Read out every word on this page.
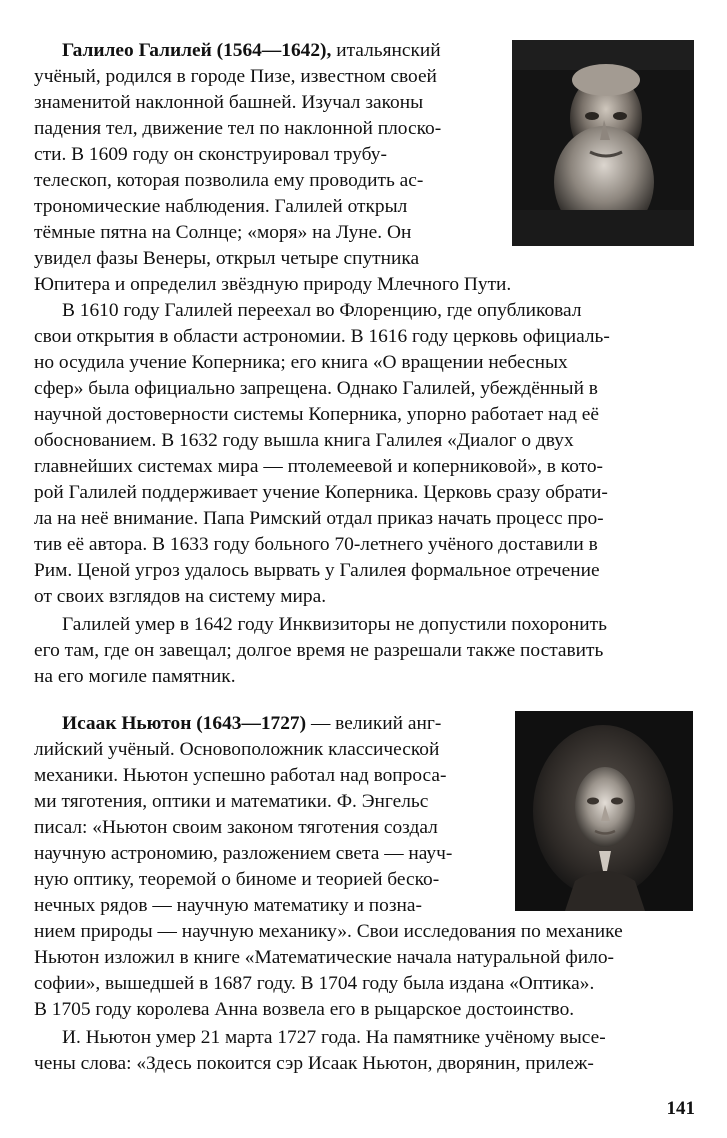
Галилео Галилей (1564—1642), итальянский
учёный, родился в городе Пизе, известном своей
знаменитой наклонной башней. Изучал законы
падения тел, движение тел по наклонной плоско-
сти. В 1609 году он сконструировал трубу-
телескоп, которая позволила ему проводить ас-
трономические наблюдения. Галилей открыл
тёмные пятна на Солнце; «моря» на Луне. Он
увидел фазы Венеры, открыл четыре спутника
Юпитера и определил звёздную природу Млечного Пути.
В 1610 году Галилей переехал во Флоренцию, где опубликовал
свои открытия в области астрономии. В 1616 году церковь официаль-
но осудила учение Коперника; его книга «О вращении небесных
сфер» была официально запрещена. Однако Галилей, убеждённый в
научной достоверности системы Коперника, упорно работает над её
обоснованием. В 1632 году вышла книга Галилея «Диалог о двух
главнейших системах мира — птолемеевой и коперниковой», в кото-
рой Галилей поддерживает учение Коперника. Церковь сразу обрати-
ла на неё внимание. Папа Римский отдал приказ начать процесс про-
тив её автора. В 1633 году больного 70-летнего учёного доставили в
Рим. Ценой угроз удалось вырвать у Галилея формальное отречение
от своих взглядов на систему мира.
Галилей умер в 1642 году Инквизиторы не допустили похоронить
его там, где он завещал; долгое время не разрешали также поставить
на его могиле памятник.
Исаак Ньютон (1643—1727) — великий анг-
лийский учёный. Основоположник классической
механики. Ньютон успешно работал над вопроса-
ми тяготения, оптики и математики. Ф. Энгельс
писал: «Ньютон своим законом тяготения создал
научную астрономию, разложением света — науч-
ную оптику, теоремой о биноме и теорией беско-
нечных рядов — научную математику и позна-
нием природы — научную механику». Свои исследования по механике
Ньютон изложил в книге «Математические начала натуральной фило-
софии», вышедшей в 1687 году. В 1704 году была издана «Оптика».
В 1705 году королева Анна возвела его в рыцарское достоинство.
И. Ньютон умер 21 марта 1727 года. На памятнике учёному высе-
чены слова: «Здесь покоится сэр Исаак Ньютон, дворянин, прилеж-
141
